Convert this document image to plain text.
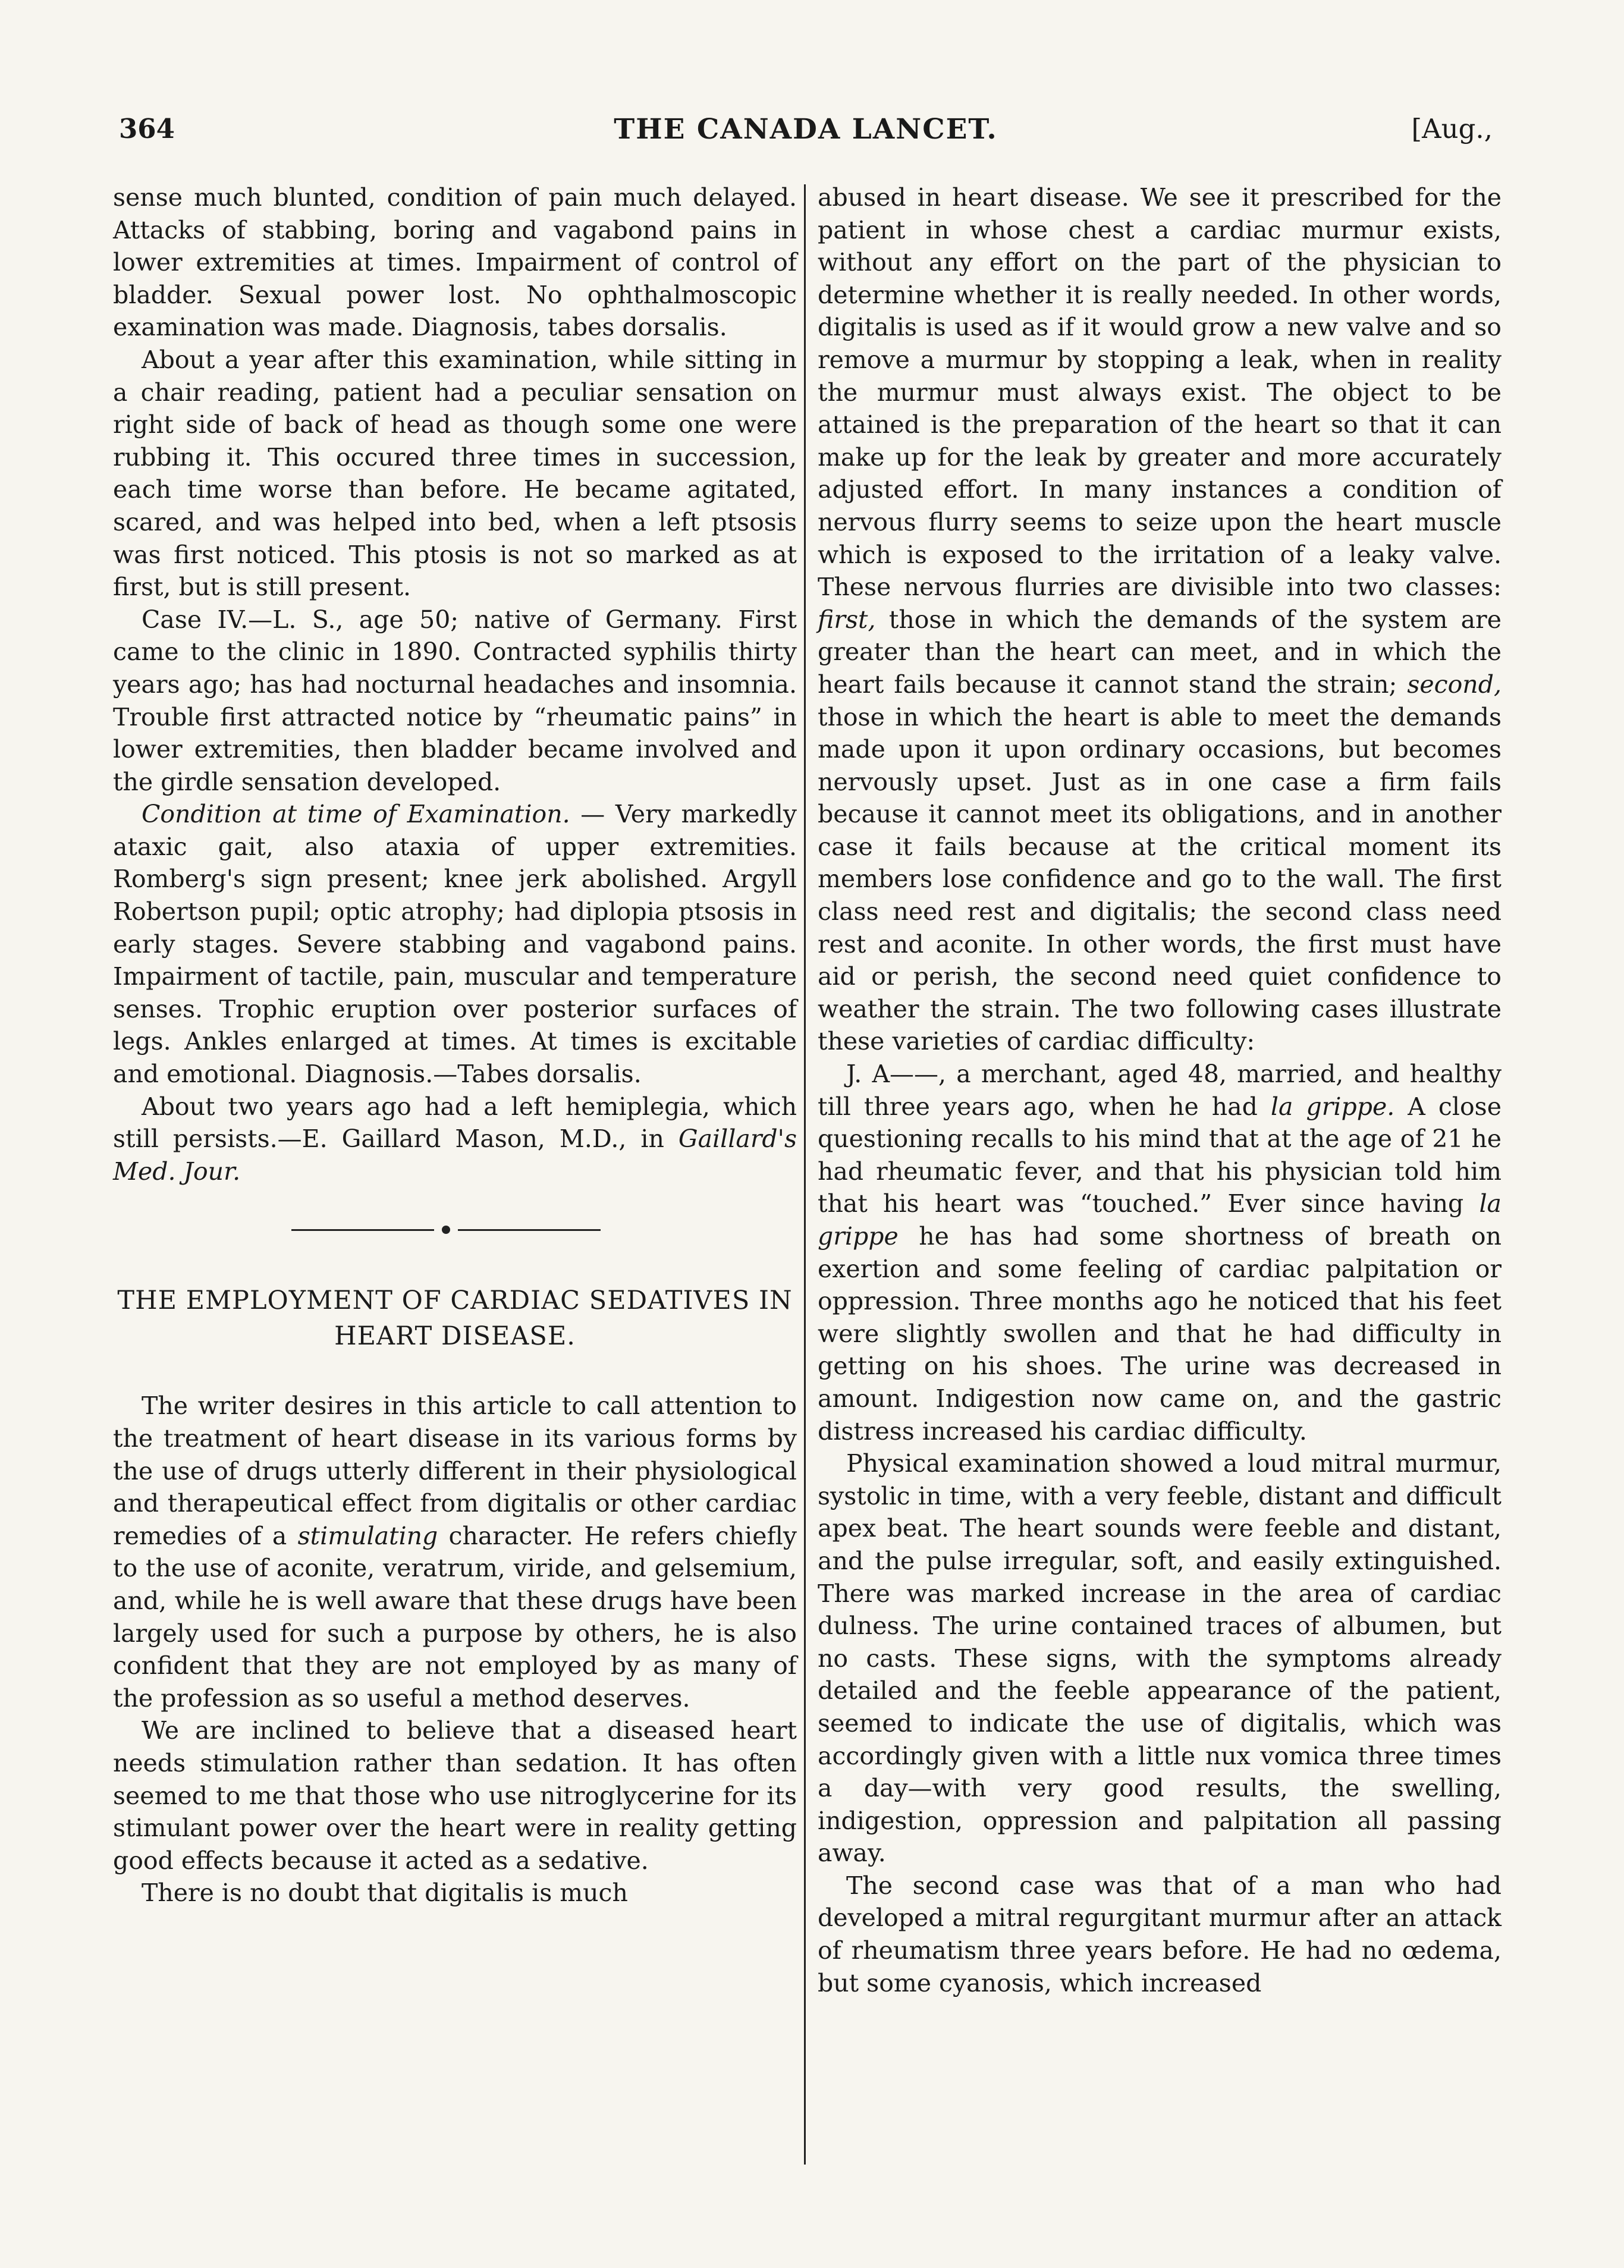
364	THE CANADA LANCET.	[Aug.,

sense much blunted, condition of pain much delayed. Attacks of stabbing, boring and vagabond pains in lower extremities at times. Impairment of control of bladder. Sexual power lost. No ophthalmoscopic examination was made. Diagnosis, tabes dorsalis.

About a year after this examination, while sitting in a chair reading, patient had a peculiar sensation on right side of back of head as though some one were rubbing it. This occured three times in succession, each time worse than before. He became agitated, scared, and was helped into bed, when a left ptsosis was first noticed. This ptosis is not so marked as at first, but is still present.

Case IV.—L. S., age 50; native of Germany. First came to the clinic in 1890. Contracted syphilis thirty years ago; has had nocturnal headaches and insomnia. Trouble first attracted notice by “rheumatic pains” in lower extremities, then bladder became involved and the girdle sensation developed.

Condition at time of Examination. — Very markedly ataxic gait, also ataxia of upper extremities. Romberg's sign present; knee jerk abolished. Argyll Robertson pupil; optic atrophy; had diplopia ptsosis in early stages. Severe stabbing and vagabond pains. Impairment of tactile, pain, muscular and temperature senses. Trophic eruption over posterior surfaces of legs. Ankles enlarged at times. At times is excitable and emotional. Diagnosis.—Tabes dorsalis.

About two years ago had a left hemiplegia, which still persists.—E. Gaillard Mason, M.D., in Gaillard's Med. Jour.

THE EMPLOYMENT OF CARDIAC SEDATIVES IN HEART DISEASE.

The writer desires in this article to call attention to the treatment of heart disease in its various forms by the use of drugs utterly different in their physiological and therapeutical effect from digitalis or other cardiac remedies of a stimulating character. He refers chiefly to the use of aconite, veratrum, viride, and gelsemium, and, while he is well aware that these drugs have been largely used for such a purpose by others, he is also confident that they are not employed by as many of the profession as so useful a method deserves.

We are inclined to believe that a diseased heart needs stimulation rather than sedation. It has often seemed to me that those who use nitroglycerine for its stimulant power over the heart were in reality getting good effects because it acted as a sedative.

There is no doubt that digitalis is much

abused in heart disease. We see it prescribed for the patient in whose chest a cardiac murmur exists, without any effort on the part of the physician to determine whether it is really needed. In other words, digitalis is used as if it would grow a new valve and so remove a murmur by stopping a leak, when in reality the murmur must always exist. The object to be attained is the preparation of the heart so that it can make up for the leak by greater and more accurately adjusted effort. In many instances a condition of nervous flurry seems to seize upon the heart muscle which is exposed to the irritation of a leaky valve. These nervous flurries are divisible into two classes: first, those in which the demands of the system are greater than the heart can meet, and in which the heart fails because it cannot stand the strain; second, those in which the heart is able to meet the demands made upon it upon ordinary occasions, but becomes nervously upset. Just as in one case a firm fails because it cannot meet its obligations, and in another case it fails because at the critical moment its members lose confidence and go to the wall. The first class need rest and digitalis; the second class need rest and aconite. In other words, the first must have aid or perish, the second need quiet confidence to weather the strain. The two following cases illustrate these varieties of cardiac difficulty:

J. A——, a merchant, aged 48, married, and healthy till three years ago, when he had la grippe. A close questioning recalls to his mind that at the age of 21 he had rheumatic fever, and that his physician told him that his heart was “touched.” Ever since having la grippe he has had some shortness of breath on exertion and some feeling of cardiac palpitation or oppression. Three months ago he noticed that his feet were slightly swollen and that he had difficulty in getting on his shoes. The urine was decreased in amount. Indigestion now came on, and the gastric distress increased his cardiac difficulty.

Physical examination showed a loud mitral murmur, systolic in time, with a very feeble, distant and difficult apex beat. The heart sounds were feeble and distant, and the pulse irregular, soft, and easily extinguished. There was marked increase in the area of cardiac dulness. The urine contained traces of albumen, but no casts. These signs, with the symptoms already detailed and the feeble appearance of the patient, seemed to indicate the use of digitalis, which was accordingly given with a little nux vomica three times a day—with very good results, the swelling, indigestion, oppression and palpitation all passing away.

The second case was that of a man who had developed a mitral regurgitant murmur after an attack of rheumatism three years before. He had no œdema, but some cyanosis, which increased
